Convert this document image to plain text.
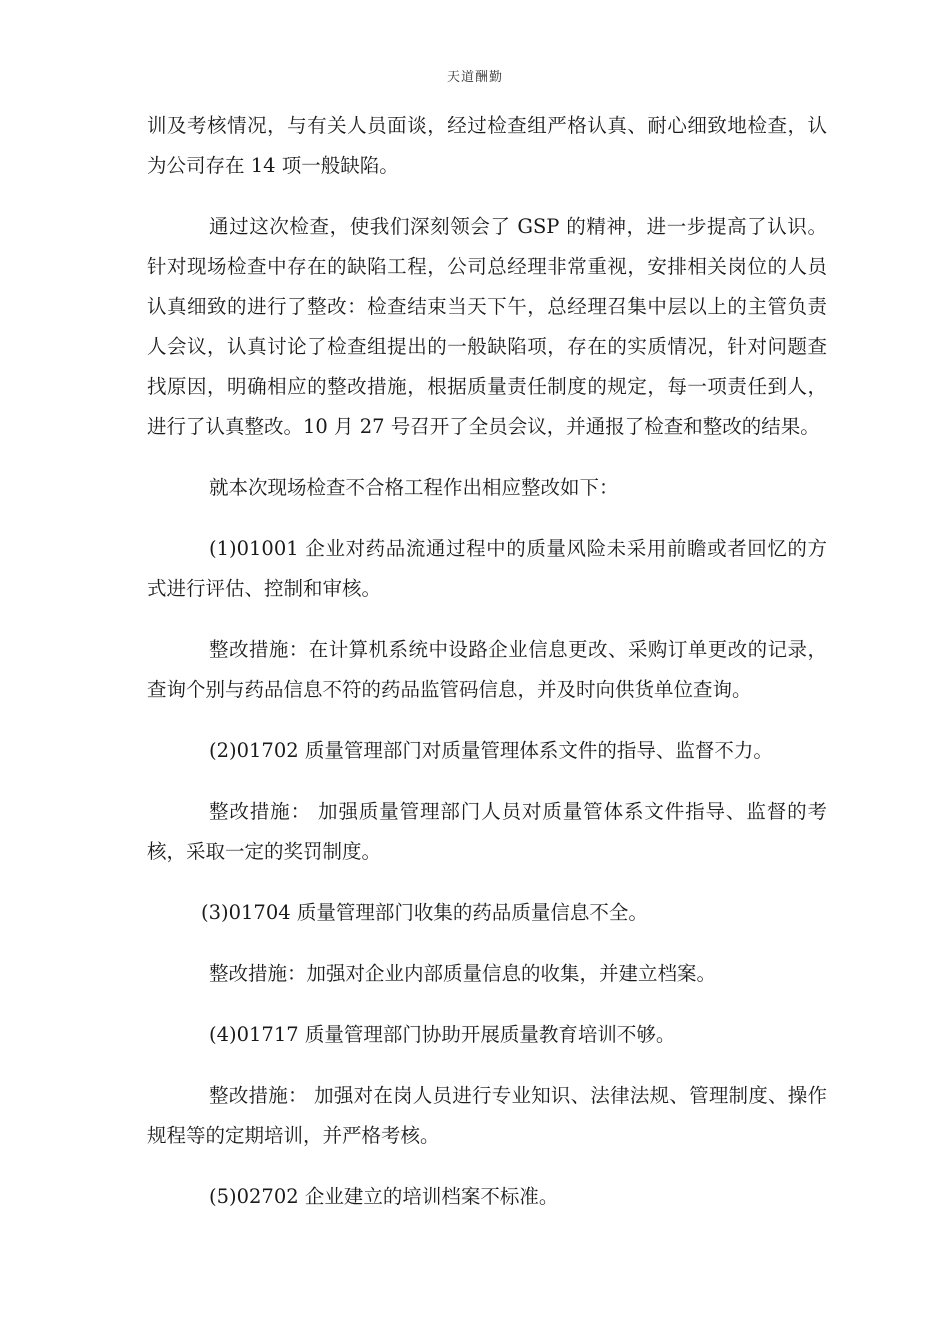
天道酬勤

训及考核情况，与有关人员面谈，经过检查组严格认真、耐心细致地检查，认为公司存在 14 项一般缺陷。

通过这次检查，使我们深刻领会了 GSP 的精神，进一步提高了认识。针对现场检查中存在的缺陷工程，公司总经理非常重视，安排相关岗位的人员认真细致的进行了整改：检查结束当天下午，总经理召集中层以上的主管负责人会议，认真讨论了检查组提出的一般缺陷项，存在的实质情况，针对问题查找原因，明确相应的整改措施，根据质量责任制度的规定，每一项责任到人，进行了认真整改。10 月 27 号召开了全员会议，并通报了检查和整改的结果。

就本次现场检查不合格工程作出相应整改如下：

(1)01001 企业对药品流通过程中的质量风险未采用前瞻或者回忆的方式进行评估、控制和审核。

整改措施：在计算机系统中设路企业信息更改、采购订单更改的记录，查询个别与药品信息不符的药品监管码信息，并及时向供货单位查询。

(2)01702 质量管理部门对质量管理体系文件的指导、监督不力。

整改措施： 加强质量管理部门人员对质量管体系文件指导、监督的考核，采取一定的奖罚制度。

(3)01704 质量管理部门收集的药品质量信息不全。

整改措施：加强对企业内部质量信息的收集，并建立档案。

(4)01717 质量管理部门协助开展质量教育培训不够。

整改措施： 加强对在岗人员进行专业知识、法律法规、管理制度、操作规程等的定期培训，并严格考核。

(5)02702 企业建立的培训档案不标准。
